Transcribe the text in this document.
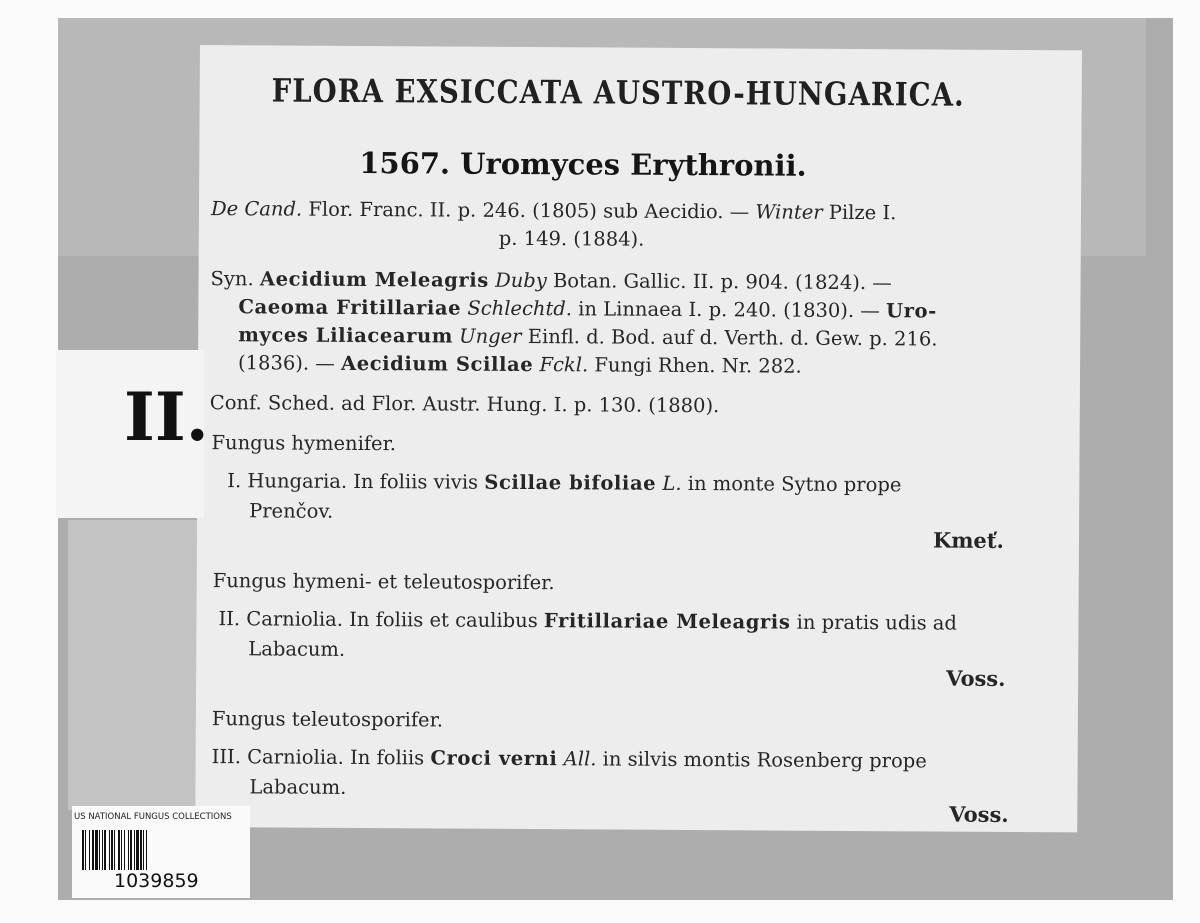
FLORA EXSICCATA AUSTRO-HUNGARICA.
1567. Uromyces Erythronii.
De Cand. Flor. Franc. II. p. 246. (1805) sub Aecidio. — Winter Pilze I.
p. 149. (1884).
Syn. Aecidium Meleagris Duby Botan. Gallic. II. p. 904. (1824). —
Caeoma Fritillariae Schlechtd. in Linnaea I. p. 240. (1830). — Uro-
myces Liliacearum Unger Einfl. d. Bod. auf d. Verth. d. Gew. p. 216.
(1836). — Aecidium Scillae Fckl. Fungi Rhen. Nr. 282.
Conf. Sched. ad Flor. Austr. Hung. I. p. 130. (1880).
Fungus hymenifer.
I. Hungaria. In foliis vivis Scillae bifoliae L. in monte Sytno prope
Prenčov.
Kmeť.
Fungus hymeni- et teleutosporifer.
II. Carniolia. In foliis et caulibus Fritillariae Meleagris in pratis udis ad
Labacum.
Voss.
Fungus teleutosporifer.
III. Carniolia. In foliis Croci verni All. in silvis montis Rosenberg prope
Labacum.
Voss.
II.
US NATIONAL FUNGUS COLLECTIONS
1039859
